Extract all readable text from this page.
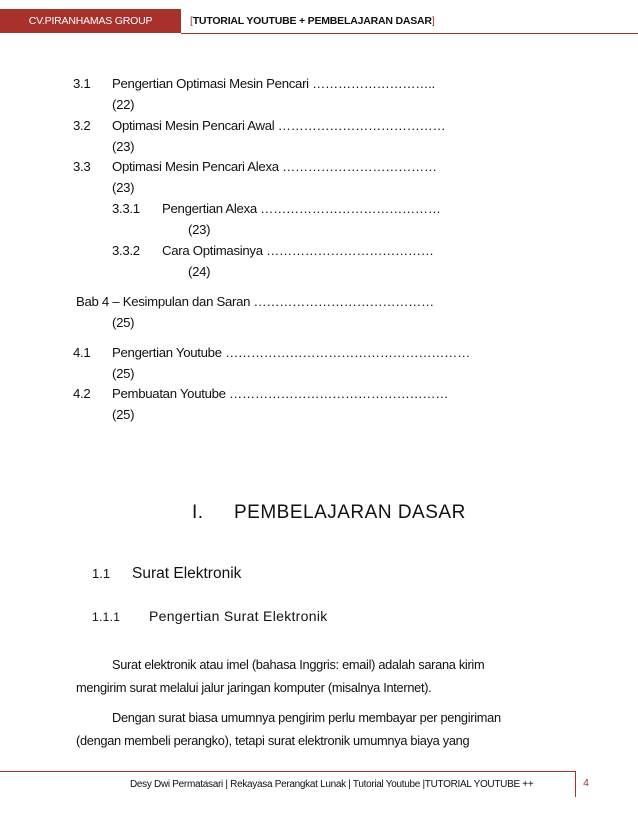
CV.PIRANHAMAS GROUP	[TUTORIAL YOUTUBE + PEMBELAJARAN DASAR]
3.1 Pengertian Optimasi Mesin Pencari ………………………..
(22)
3.2 Optimasi Mesin Pencari Awal …………………………………
(23)
3.3 Optimasi Mesin Pencari Alexa ………………………………
(23)
3.3.1 Pengertian Alexa ……………………………………
(23)
3.3.2 Cara Optimasinya …………………………………
(24)
Bab 4 – Kesimpulan dan Saran ……………………………………
(25)
4.1 Pengertian Youtube …………………………………………………
(25)
4.2 Pembuatan Youtube ……………………………………………
(25)
I. PEMBELAJARAN DASAR
1.1 Surat Elektronik
1.1.1 Pengertian Surat Elektronik
Surat elektronik atau imel (bahasa Inggris: email) adalah sarana kirim
mengirim surat melalui jalur jaringan komputer (misalnya Internet).
Dengan surat biasa umumnya pengirim perlu membayar per pengiriman
(dengan membeli perangko), tetapi surat elektronik umumnya biaya yang
Desy Dwi Permatasari | Rekayasa Perangkat Lunak | Tutorial Youtube |TUTORIAL YOUTUBE ++	4
